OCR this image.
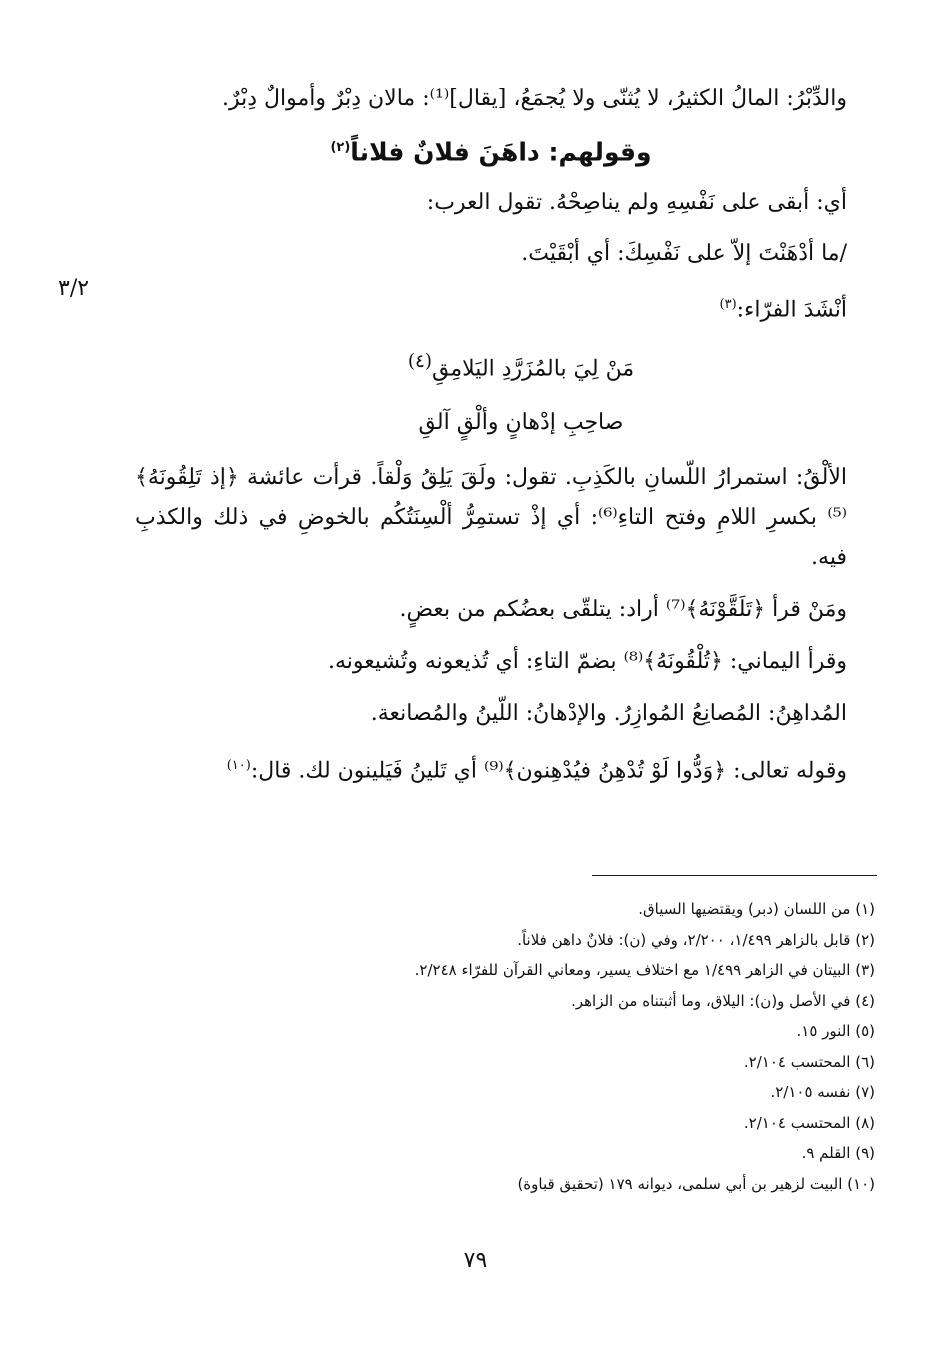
والدِّبْرُ: المالُ الكثيرُ، لا يُثنّى ولا يُجمَعُ، [يقال]⁽¹⁾: مالان دِبْرٌ وأموالٌ دِبْرٌ.
وقولهم: داهَنَ فلانٌ فلاناً$^{(٢)}$
أي: أبقى على نَفْسِهِ ولم يناصِحْهُ. تقول العرب:
/ما أدْهَنْتَ إلاّ على نَفْسِكَ: أي أبْقَيْتَ.
أنْشَدَ الفرّاء:$^{(٣)}$
مَنْ لِيَ بالمُزَرَّدِ اليَلامِقِ$^{(٤)}$
صاحِبِ إدْهانٍ وألْقٍ آلقِ
الألْقُ: استمرارُ اللّسانِ بالكَذِبِ. تقول: ولَقَ يَلِقُ وَلْقاً. قرأت عائشة ﴿إذ تَلِقُونَهُ﴾⁽⁵⁾ بكسرِ اللامِ وفتح التاءِ⁽⁶⁾: أي إذْ تستمِرُّ ألْسِنَتُكُم بالخوضِ في ذلك والكذبِ فيه.
ومَنْ قرأ ﴿تَلَقَّوْنَهُ﴾⁽⁷⁾ أراد: يتلقّى بعضُكم من بعضٍ.
وقرأ اليماني: ﴿تُلْقُونَهُ﴾⁽⁸⁾ بضمّ التاءِ: أي تُذيعونه وتُشيعونه.
المُداهِنُ: المُصانِعُ المُوازِرُ. والإدْهانُ: اللّينُ والمُصانعة.
وقوله تعالى: ﴿وَدُّوا لَوْ تُدْهِنُ فيُدْهِنون﴾⁽⁹⁾ أي تَلينُ فَيَلينون لك. قال:$^{(١٠)}$
٣/٢
(١) من اللسان (دبر) ويقتضيها السياق.
(٢) قابل بالزاهر ١/٤٩٩، ٢/٢٠٠، وفي (ن): فلانٌ داهن فلاناً.
(٣) البيتان في الزاهر ١/٤٩٩ مع اختلاف يسير، ومعاني القرآن للفرّاء ٢/٢٤٨.
(٤) في الأصل و(ن): اليلاق، وما أثبتناه من الزاهر.
(٥) النور ١٥.
(٦) المحتسب ٢/١٠٤.
(٧) نفسه ٢/١٠٥.
(٨) المحتسب ٢/١٠٤.
(٩) القلم ٩.
(١٠) البيت لزهير بن أبي سلمى، ديوانه ١٧٩ (تحقيق قباوة)
٧٩
